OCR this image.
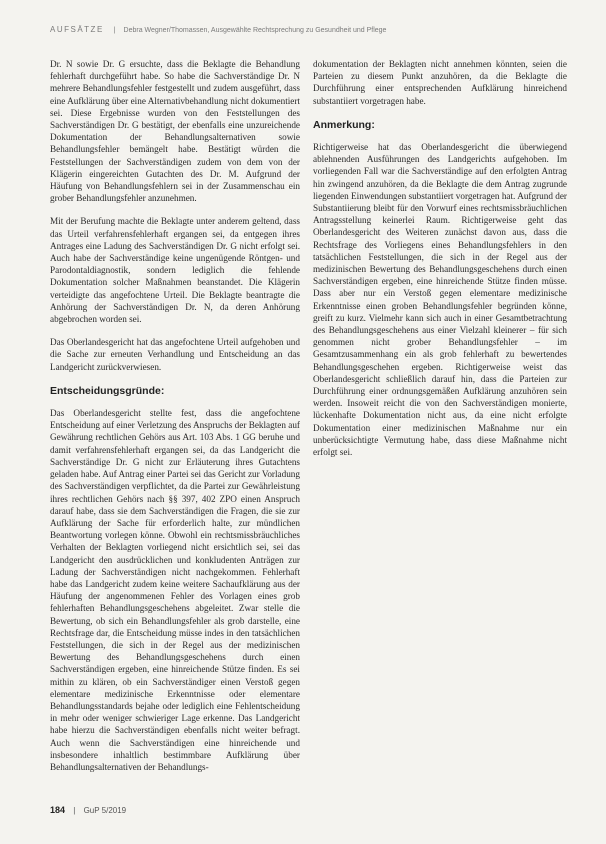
AUFSÄTZE | Debra Wegner/Thomassen, Ausgewählte Rechtsprechung zu Gesundheit und Pflege

Dr. N sowie Dr. G ersuchte, dass die Beklagte die Behandlung fehlerhaft durchgeführt habe. So habe die Sachverständige Dr. N mehrere Behandlungsfehler festgestellt und zudem ausgeführt, dass eine Aufklärung über eine Alternativbehandlung nicht dokumentiert sei. Diese Ergebnisse wurden von den Feststellungen des Sachverständigen Dr. G bestätigt, der ebenfalls eine unzureichende Dokumentation der Behandlungsalternativen sowie Behandlungsfehler bemängelt habe. Bestätigt würden die Feststellungen der Sachverständigen zudem von dem von der Klägerin eingereichten Gutachten des Dr. M. Aufgrund der Häufung von Behandlungsfehlern sei in der Zusammenschau ein grober Behandlungsfehler anzunehmen.

Mit der Berufung machte die Beklagte unter anderem geltend, dass das Urteil verfahrensfehlerhaft ergangen sei, da entgegen ihres Antrages eine Ladung des Sachverständigen Dr. G nicht erfolgt sei. Auch habe der Sachverständige keine ungenügende Röntgen- und Parodontaldiagnostik, sondern lediglich die fehlende Dokumentation solcher Maßnahmen beanstandet. Die Klägerin verteidigte das angefochtene Urteil. Die Beklagte beantragte die Anhörung der Sachverständigen Dr. N, da deren Anhörung abgebrochen worden sei.

Das Oberlandesgericht hat das angefochtene Urteil aufgehoben und die Sache zur erneuten Verhandlung und Entscheidung an das Landgericht zurückverwiesen.

Entscheidungsgründe:

Das Oberlandesgericht stellte fest, dass die angefochtene Entscheidung auf einer Verletzung des Anspruchs der Beklagten auf Gewährung rechtlichen Gehörs aus Art. 103 Abs. 1 GG beruhe und damit verfahrensfehlerhaft ergangen sei, da das Landgericht die Sachverständige Dr. G nicht zur Erläuterung ihres Gutachtens geladen habe. Auf Antrag einer Partei sei das Gericht zur Vorladung des Sachverständigen verpflichtet, da die Partei zur Gewährleistung ihres rechtlichen Gehörs nach §§ 397, 402 ZPO einen Anspruch darauf habe, dass sie dem Sachverständigen die Fragen, die sie zur Aufklärung der Sache für erforderlich halte, zur mündlichen Beantwortung vorlegen könne. Obwohl ein rechtsmissbräuchliches Verhalten der Beklagten vorliegend nicht ersichtlich sei, sei das Landgericht den ausdrücklichen und konkludenten Anträgen zur Ladung der Sachverständigen nicht nachgekommen. Fehlerhaft habe das Landgericht zudem keine weitere Sachaufklärung aus der Häufung der angenommenen Fehler des Vorlagen eines grob fehlerhaften Behandlungsgeschehens abgeleitet. Zwar stelle die Bewertung, ob sich ein Behandlungsfehler als grob darstelle, eine Rechtsfrage dar, die Entscheidung müsse indes in den tatsächlichen Feststellungen, die sich in der Regel aus der medizinischen Bewertung des Behandlungsgeschehens durch einen Sachverständigen ergeben, eine hinreichende Stütze finden. Es sei mithin zu klären, ob ein Sachverständiger einen Verstoß gegen elementare medizinische Erkenntnisse oder elementare Behandlungsstandards bejahe oder lediglich eine Fehlentscheidung in mehr oder weniger schwieriger Lage erkenne. Das Landgericht habe hierzu die Sachverständigen ebenfalls nicht weiter befragt. Auch wenn die Sachverständigen eine hinreichende und insbesondere inhaltlich bestimmbare Aufklärung über Behandlungsalternativen der Behandlungs-

dokumentation der Beklagten nicht annehmen könnten, seien die Parteien zu diesem Punkt anzuhören, da die Beklagte die Durchführung einer entsprechenden Aufklärung hinreichend substantiiert vorgetragen habe.

Anmerkung:

Richtigerweise hat das Oberlandesgericht die überwiegend ablehnenden Ausführungen des Landgerichts aufgehoben. Im vorliegenden Fall war die Sachverständige auf den erfolgten Antrag hin zwingend anzuhören, da die Beklagte die dem Antrag zugrunde liegenden Einwendungen substantiiert vorgetragen hat. Aufgrund der Substantiierung bleibt für den Vorwurf eines rechtsmissbräuchlichen Antragsstellung keinerlei Raum. Richtigerweise geht das Oberlandesgericht des Weiteren zunächst davon aus, dass die Rechtsfrage des Vorliegens eines Behandlungsfehlers in den tatsächlichen Feststellungen, die sich in der Regel aus der medizinischen Bewertung des Behandlungsgeschehens durch einen Sachverständigen ergeben, eine hinreichende Stütze finden müsse. Dass aber nur ein Verstoß gegen elementare medizinische Erkenntnisse einen groben Behandlungsfehler begründen könne, greift zu kurz. Vielmehr kann sich auch in einer Gesamtbetrachtung des Behandlungsgeschehens aus einer Vielzahl kleinerer – für sich genommen nicht grober Behandlungsfehler – im Gesamtzusammenhang ein als grob fehlerhaft zu bewertendes Behandlungsgeschehen ergeben. Richtigerweise weist das Oberlandesgericht schließlich darauf hin, dass die Parteien zur Durchführung einer ordnungsgemäßen Aufklärung anzuhören sein werden. Insoweit reicht die von den Sachverständigen monierte, lückenhafte Dokumentation nicht aus, da eine nicht erfolgte Dokumentation einer medizinischen Maßnahme nur ein unberücksichtigte Vermutung habe, dass diese Maßnahme nicht erfolgt sei.

184 | GuP 5/2019
